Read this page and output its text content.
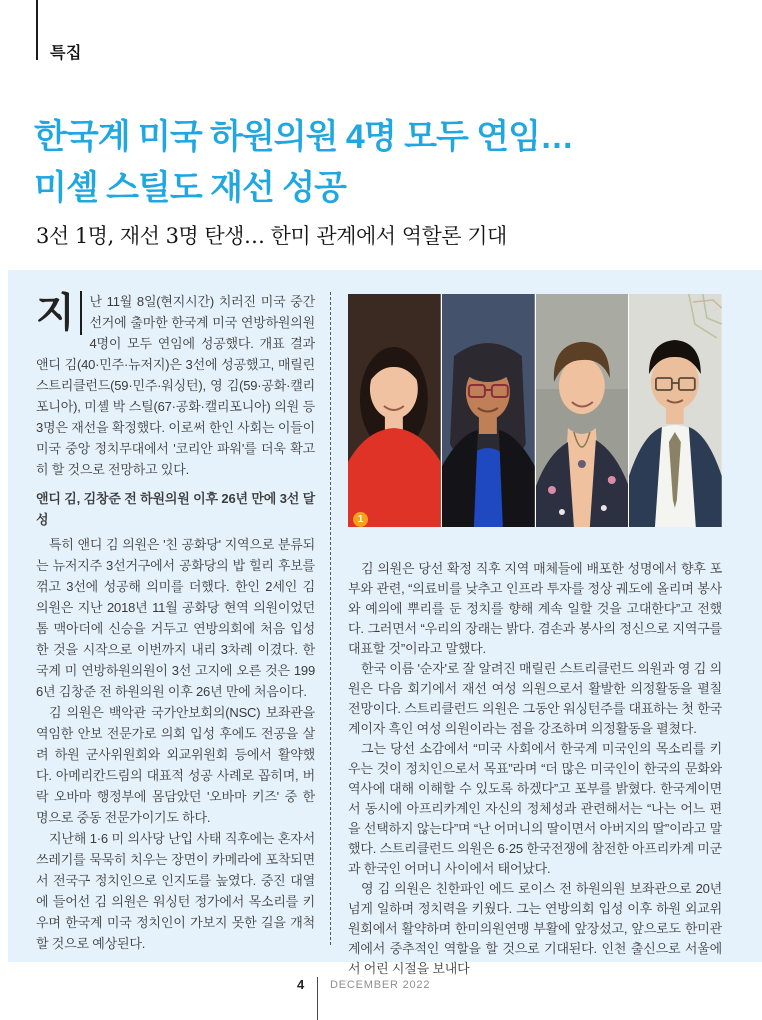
특집
한국계 미국 하원의원 4명 모두 연임…
미셸 스틸도 재선 성공
3선 1명, 재선 3명 탄생… 한미 관계에서 역할론 기대

지	난 11월 8일(현지시간) 치러진 미국 중간선거에 출마한 한국계 미국 연방하원의원 4명이 모두 연임에 성공했다. 개표 결과 앤디 김(40·민주·뉴저지)은 3선에 성공했고, 매릴린 스트리클런드(59·민주·워싱턴), 영 김(59·공화·캘리포니아), 미셸 박 스틸(67·공화·캘리포니아) 의원 등 3명은 재선을 확정했다. 이로써 한인 사회는 이들이 미국 중앙 정치무대에서 '코리안 파워'를 더욱 확고히 할 것으로 전망하고 있다.

앤디 김, 김창준 전 하원의원 이후 26년 만에 3선 달성

특히 앤디 김 의원은 '친 공화당' 지역으로 분류되는 뉴저지주 3선거구에서 공화당의 밥 힐리 후보를 꺾고 3선에 성공해 의미를 더했다. 한인 2세인 김 의원은 지난 2018년 11월 공화당 현역 의원이었던 톰 맥아더에 신승을 거두고 연방의회에 처음 입성한 것을 시작으로 이번까지 내리 3차례 이겼다. 한국계 미 연방하원의원이 3선 고지에 오른 것은 1996년 김창준 전 하원의원 이후 26년 만에 처음이다.

김 의원은 백악관 국가안보회의(NSC) 보좌관을 역임한 안보 전문가로 의회 입성 후에도 전공을 살려 하원 군사위원회와 외교위원회 등에서 활약했다. 아메리칸드림의 대표적 성공 사례로 꼽히며, 버락 오바마 행정부에 몸담았던 '오바마 키즈' 중 한 명으로 중동 전문가이기도 하다.

지난해 1·6 미 의사당 난입 사태 직후에는 혼자서 쓰레기를 묵묵히 치우는 장면이 카메라에 포착되면서 전국구 정치인으로 인지도를 높였다. 중진 대열에 들어선 김 의원은 워싱턴 정가에서 목소리를 키우며 한국계 미국 정치인이 가보지 못한 길을 개척할 것으로 예상된다.

1

김 의원은 당선 확정 직후 지역 매체들에 배포한 성명에서 향후 포부와 관련, “의료비를 낮추고 인프라 투자를 정상 궤도에 올리며 봉사와 예의에 뿌리를 둔 정치를 향해 계속 일할 것을 고대한다”고 전했다. 그러면서 “우리의 장래는 밝다. 겸손과 봉사의 정신으로 지역구를 대표할 것”이라고 말했다.

한국 이름 '순자'로 잘 알려진 매릴린 스트리클런드 의원과 영 김 의원은 다음 회기에서 재선 여성 의원으로서 활발한 의정활동을 펼칠 전망이다. 스트리클런드 의원은 그동안 워싱턴주를 대표하는 첫 한국계이자 흑인 여성 의원이라는 점을 강조하며 의정활동을 펼쳤다.

그는 당선 소감에서 “미국 사회에서 한국계 미국인의 목소리를 키우는 것이 정치인으로서 목표”라며 “더 많은 미국인이 한국의 문화와 역사에 대해 이해할 수 있도록 하겠다”고 포부를 밝혔다. 한국계이면서 동시에 아프리카계인 자신의 정체성과 관련해서는 “나는 어느 편을 선택하지 않는다”며 “난 어머니의 딸이면서 아버지의 딸”이라고 말했다. 스트리클런드 의원은 6·25 한국전쟁에 참전한 아프리카계 미군과 한국인 어머니 사이에서 태어났다.

영 김 의원은 친한파인 에드 로이스 전 하원의원 보좌관으로 20년 넘게 일하며 정치력을 키웠다. 그는 연방의회 입성 이후 하원 외교위원회에서 활약하며 한미의원연맹 부활에 앞장섰고, 앞으로도 한미관계에서 중추적인 역할을 할 것으로 기대된다. 인천 출신으로 서울에서 어린 시절을 보내다

4 DECEMBER 2022
